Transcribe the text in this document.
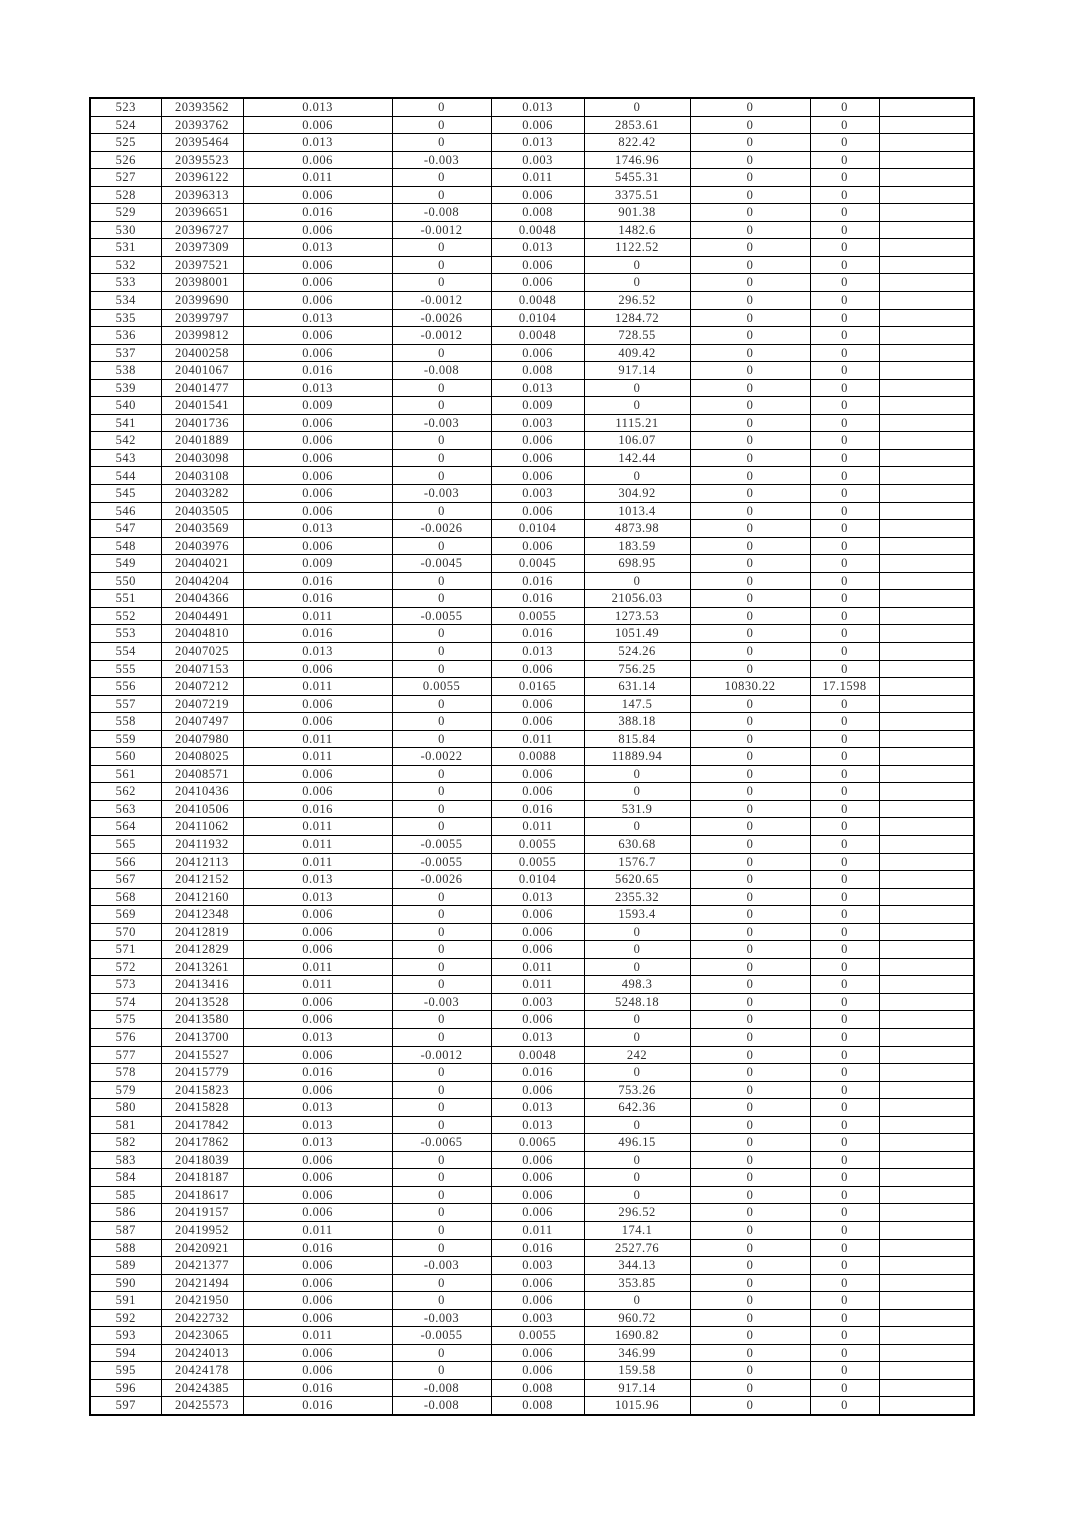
523	20393562	0.013	0	0.013	0	0	0	
524	20393762	0.006	0	0.006	2853.61	0	0	
525	20395464	0.013	0	0.013	822.42	0	0	
526	20395523	0.006	-0.003	0.003	1746.96	0	0	
527	20396122	0.011	0	0.011	5455.31	0	0	
528	20396313	0.006	0	0.006	3375.51	0	0	
529	20396651	0.016	-0.008	0.008	901.38	0	0	
530	20396727	0.006	-0.0012	0.0048	1482.6	0	0	
531	20397309	0.013	0	0.013	1122.52	0	0	
532	20397521	0.006	0	0.006	0	0	0	
533	20398001	0.006	0	0.006	0	0	0	
534	20399690	0.006	-0.0012	0.0048	296.52	0	0	
535	20399797	0.013	-0.0026	0.0104	1284.72	0	0	
536	20399812	0.006	-0.0012	0.0048	728.55	0	0	
537	20400258	0.006	0	0.006	409.42	0	0	
538	20401067	0.016	-0.008	0.008	917.14	0	0	
539	20401477	0.013	0	0.013	0	0	0	
540	20401541	0.009	0	0.009	0	0	0	
541	20401736	0.006	-0.003	0.003	1115.21	0	0	
542	20401889	0.006	0	0.006	106.07	0	0	
543	20403098	0.006	0	0.006	142.44	0	0	
544	20403108	0.006	0	0.006	0	0	0	
545	20403282	0.006	-0.003	0.003	304.92	0	0	
546	20403505	0.006	0	0.006	1013.4	0	0	
547	20403569	0.013	-0.0026	0.0104	4873.98	0	0	
548	20403976	0.006	0	0.006	183.59	0	0	
549	20404021	0.009	-0.0045	0.0045	698.95	0	0	
550	20404204	0.016	0	0.016	0	0	0	
551	20404366	0.016	0	0.016	21056.03	0	0	
552	20404491	0.011	-0.0055	0.0055	1273.53	0	0	
553	20404810	0.016	0	0.016	1051.49	0	0	
554	20407025	0.013	0	0.013	524.26	0	0	
555	20407153	0.006	0	0.006	756.25	0	0	
556	20407212	0.011	0.0055	0.0165	631.14	10830.22	17.1598	
557	20407219	0.006	0	0.006	147.5	0	0	
558	20407497	0.006	0	0.006	388.18	0	0	
559	20407980	0.011	0	0.011	815.84	0	0	
560	20408025	0.011	-0.0022	0.0088	11889.94	0	0	
561	20408571	0.006	0	0.006	0	0	0	
562	20410436	0.006	0	0.006	0	0	0	
563	20410506	0.016	0	0.016	531.9	0	0	
564	20411062	0.011	0	0.011	0	0	0	
565	20411932	0.011	-0.0055	0.0055	630.68	0	0	
566	20412113	0.011	-0.0055	0.0055	1576.7	0	0	
567	20412152	0.013	-0.0026	0.0104	5620.65	0	0	
568	20412160	0.013	0	0.013	2355.32	0	0	
569	20412348	0.006	0	0.006	1593.4	0	0	
570	20412819	0.006	0	0.006	0	0	0	
571	20412829	0.006	0	0.006	0	0	0	
572	20413261	0.011	0	0.011	0	0	0	
573	20413416	0.011	0	0.011	498.3	0	0	
574	20413528	0.006	-0.003	0.003	5248.18	0	0	
575	20413580	0.006	0	0.006	0	0	0	
576	20413700	0.013	0	0.013	0	0	0	
577	20415527	0.006	-0.0012	0.0048	242	0	0	
578	20415779	0.016	0	0.016	0	0	0	
579	20415823	0.006	0	0.006	753.26	0	0	
580	20415828	0.013	0	0.013	642.36	0	0	
581	20417842	0.013	0	0.013	0	0	0	
582	20417862	0.013	-0.0065	0.0065	496.15	0	0	
583	20418039	0.006	0	0.006	0	0	0	
584	20418187	0.006	0	0.006	0	0	0	
585	20418617	0.006	0	0.006	0	0	0	
586	20419157	0.006	0	0.006	296.52	0	0	
587	20419952	0.011	0	0.011	174.1	0	0	
588	20420921	0.016	0	0.016	2527.76	0	0	
589	20421377	0.006	-0.003	0.003	344.13	0	0	
590	20421494	0.006	0	0.006	353.85	0	0	
591	20421950	0.006	0	0.006	0	0	0	
592	20422732	0.006	-0.003	0.003	960.72	0	0	
593	20423065	0.011	-0.0055	0.0055	1690.82	0	0	
594	20424013	0.006	0	0.006	346.99	0	0	
595	20424178	0.006	0	0.006	159.58	0	0	
596	20424385	0.016	-0.008	0.008	917.14	0	0	
597	20425573	0.016	-0.008	0.008	1015.96	0	0	
